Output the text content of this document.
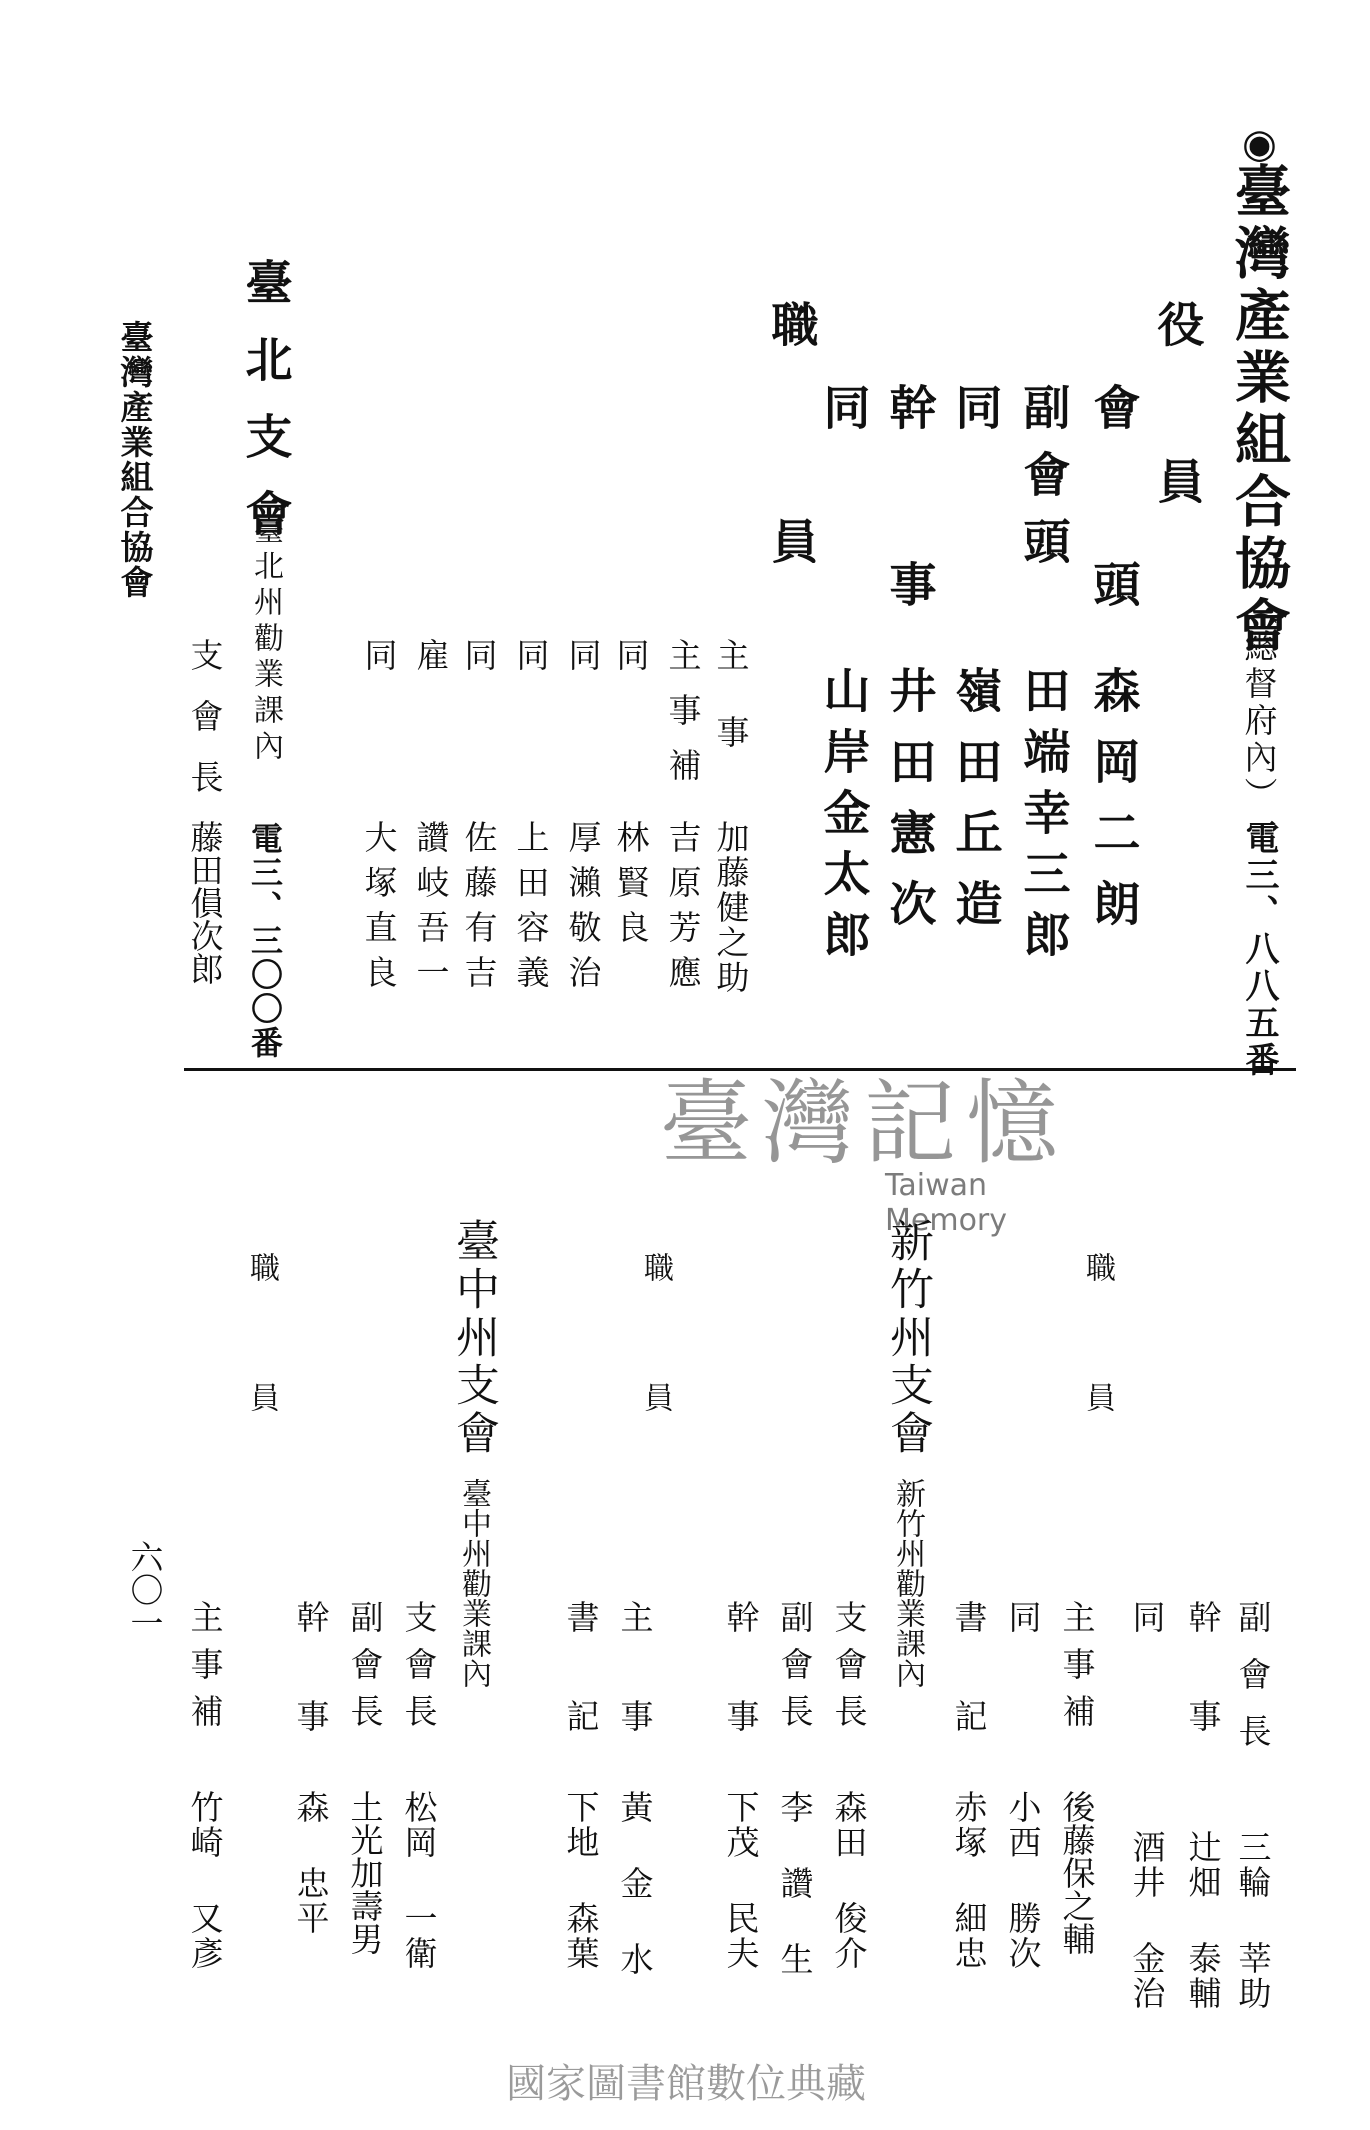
◉
臺灣產業組合協會
（總督府內）
電三、八八五番
役員
會頭
森岡二朗
副會頭
田端幸三郎
同
嶺田丘造
幹事
井田憲次
同
山岸金太郎
職員
主事
加藤健之助
主事補
吉原芳應
同
林賢良
同
厚瀨敬治
同
上田容義
同
佐藤有吉
雇
讚岐吾一
同
大塚直良
臺北支會
臺北州勸業課內
電三、三〇〇番
支會長
藤田傊次郎
臺灣產業組合協會
臺灣記憶
Taiwan Memory
職員
副會長
三輪 莘助
幹事
辻畑 泰輔
同
酒井 金治
主事補
後藤保之輔
同
小西 勝次
書記
赤塚 細忠
新竹州支會
新竹州勸業課內
支會長
森田 俊介
副會長
李 讚 生
幹事
下茂 民夫
職員
主事
黃 金 水
書記
下地 森葉
臺中州支會
臺中州勸業課內
支會長
松岡 一衛
副會長
土光加壽男
幹事
森 忠平
職員
主事補
竹崎 又彥
六〇一
國家圖書館數位典藏
